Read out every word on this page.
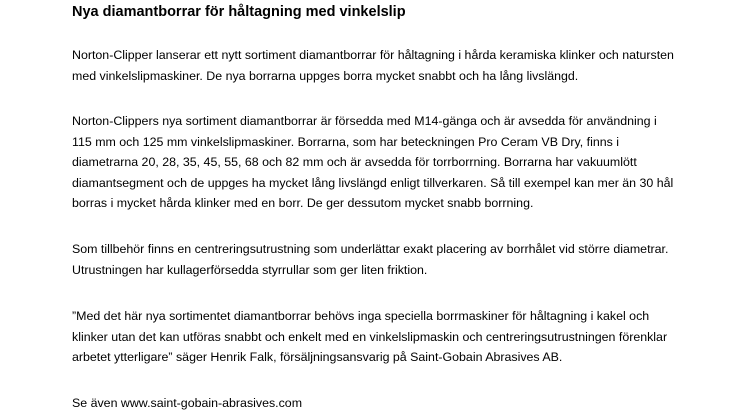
Nya diamantborrar för håltagning med vinkelslip

Norton-Clipper lanserar ett nytt sortiment diamantborrar för håltagning i hårda keramiska klinker och natursten
med vinkelslipmaskiner. De nya borrarna uppges borra mycket snabbt och ha lång livslängd.

Norton-Clippers nya sortiment diamantborrar är försedda med M14-gänga och är avsedda för användning i
115 mm och 125 mm vinkelslipmaskiner. Borrarna, som har beteckningen Pro Ceram VB Dry, finns i
diametrarna 20, 28, 35, 45, 55, 68 och 82 mm och är avsedda för torrborrning. Borrarna har vakuumlött
diamantsegment och de uppges ha mycket lång livslängd enligt tillverkaren. Så till exempel kan mer än 30 hål
borras i mycket hårda klinker med en borr. De ger dessutom mycket snabb borrning.

Som tillbehör finns en centreringsutrustning som underlättar exakt placering av borrhålet vid större diametrar.
Utrustningen har kullagerförsedda styrrullar som ger liten friktion.

”Med det här nya sortimentet diamantborrar behövs inga speciella borrmaskiner för håltagning i kakel och
klinker utan det kan utföras snabbt och enkelt med en vinkelslipmaskin och centreringsutrustningen förenklar
arbetet ytterligare” säger Henrik Falk, försäljningsansvarig på Saint-Gobain Abrasives AB.

Se även www.saint-gobain-abrasives.com
